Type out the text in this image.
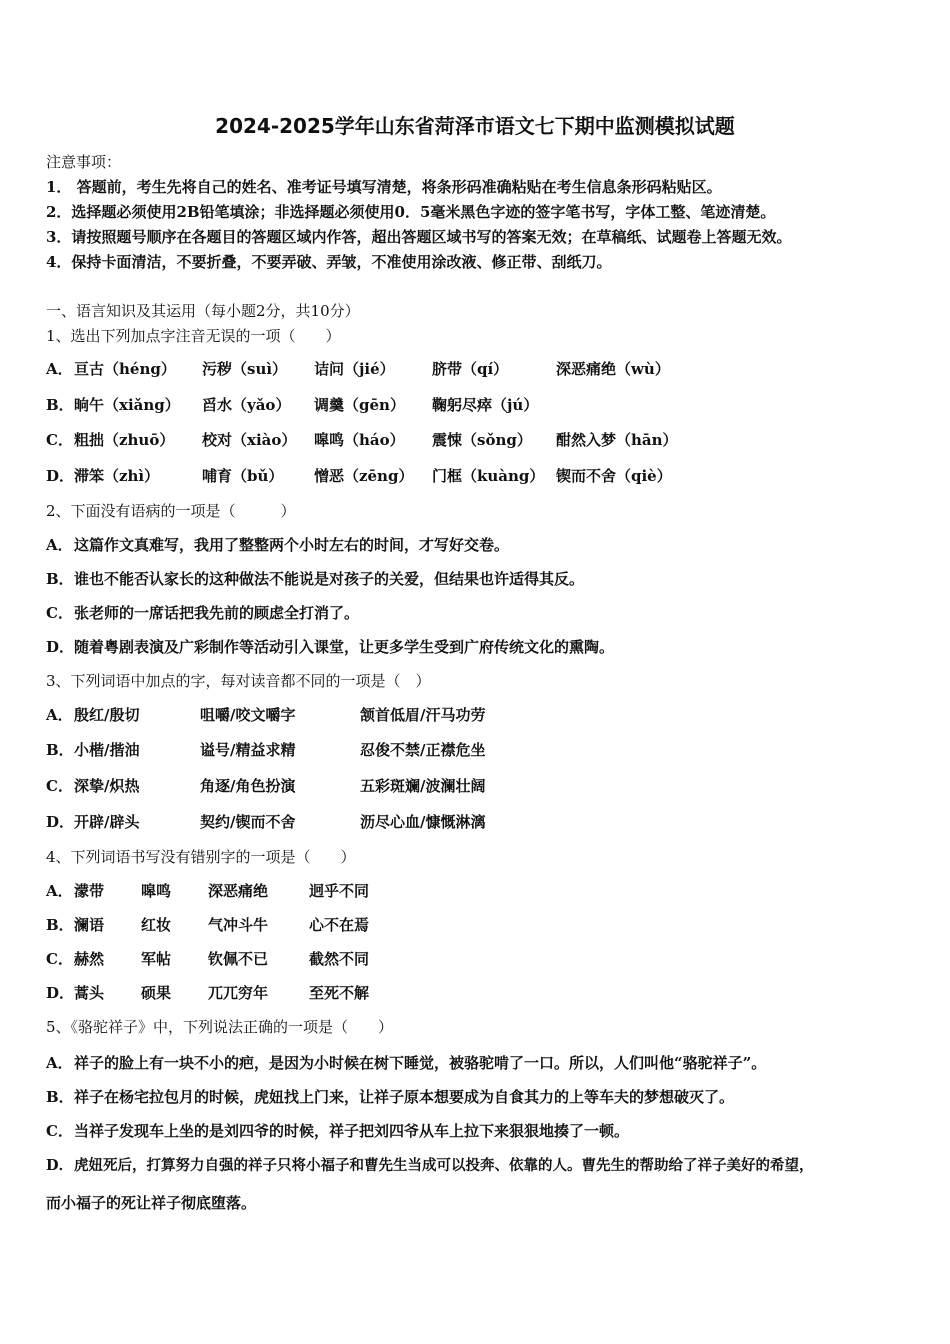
2024-2025学年山东省菏泽市语文七下期中监测模拟试题
注意事项：
1． 答题前，考生先将自己的姓名、准考证号填写清楚，将条形码准确粘贴在考生信息条形码粘贴区。
2．选择题必须使用2B铅笔填涂；非选择题必须使用0．5毫米黑色字迹的签字笔书写，字体工整、笔迹清楚。
3．请按照题号顺序在各题目的答题区域内作答，超出答题区域书写的答案无效；在草稿纸、试题卷上答题无效。
4．保持卡面清洁，不要折叠，不要弄破、弄皱，不准使用涂改液、修正带、刮纸刀。
一、语言知识及其运用（每小题2分，共10分）
1、选出下列加点字注音无误的一项（　　）
A．亘古（héng） 污秽（suì） 诘问（jié） 脐带（qí）	深恶痛绝（wù）
B．晌午（xiǎng） 舀水（yǎo） 调羹（gēn） 鞠躬尽瘁（jú）
C．粗拙（zhuō） 校对（xiào） 嗥鸣（háo） 震悚（sǒng） 酣然入梦（hān）
D．滞笨（zhì）	哺育（bǔ） 憎恶（zēng） 门框（kuàng） 锲而不舍（qiè）
2、下面没有语病的一项是（　　　）
A．这篇作文真难写，我用了整整两个小时左右的时间，才写好交卷。
B．谁也不能否认家长的这种做法不能说是对孩子的关爱，但结果也许适得其反。
C．张老师的一席话把我先前的顾虑全打消了。
D．随着粤剧表演及广彩制作等活动引入课堂，让更多学生受到广府传统文化的熏陶。
3、下列词语中加点的字，每对读音都不同的一项是（　）
A．殷红/殷切	咀嚼/咬文嚼字	颔首低眉/汗马功劳
B．小楷/揩油	谥号/精益求精	忍俊不禁/正襟危坐
C．深挚/炽热	角逐/角色扮演	五彩斑斓/波澜壮阔
D．开辟/辟头	契约/锲而不舍	沥尽心血/慷慨淋漓
4、下列词语书写没有错别字的一项是（　　）
A．濛带 嗥鸣 深恶痛绝	迥乎不同
B．澜语 红妆 气冲斗牛	心不在焉
C．赫然 军帖 钦佩不已	截然不同
D．蒿头 硕果 兀兀穷年	至死不解
5、《骆驼祥子》中，下列说法正确的一项是（　　）
A．祥子的脸上有一块不小的疤，是因为小时候在树下睡觉，被骆驼啃了一口。所以，人们叫他“骆驼祥子”。
B．祥子在杨宅拉包月的时候，虎妞找上门来，让祥子原本想要成为自食其力的上等车夫的梦想破灭了。
C．当祥子发现车上坐的是刘四爷的时候，祥子把刘四爷从车上拉下来狠狠地揍了一顿。
D．虎妞死后，打算努力自强的祥子只将小福子和曹先生当成可以投奔、依靠的人。曹先生的帮助给了祥子美好的希望，
而小福子的死让祥子彻底堕落。
